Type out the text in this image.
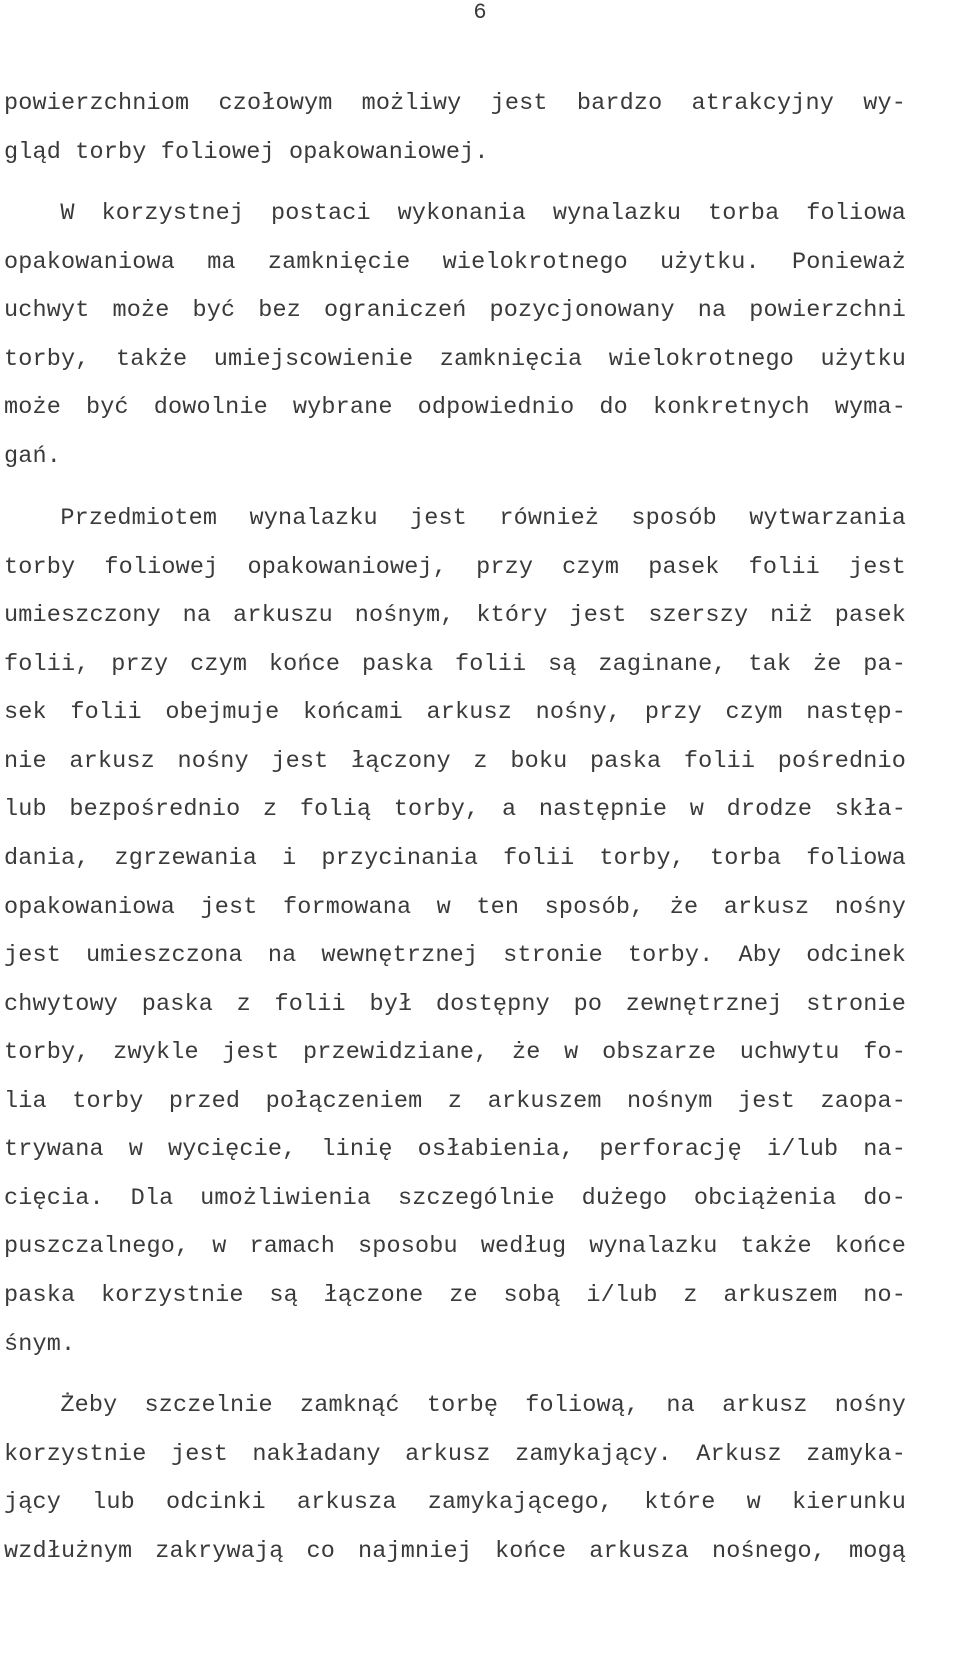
6
powierzchniom czołowym możliwy jest bardzo atrakcyjny wy-
gląd torby foliowej opakowaniowej.
W korzystnej postaci wykonania wynalazku torba foliowa
opakowaniowa ma zamknięcie wielokrotnego użytku. Ponieważ
uchwyt może być bez ograniczeń pozycjonowany na powierzchni
torby, także umiejscowienie zamknięcia wielokrotnego użytku
może być dowolnie wybrane odpowiednio do konkretnych wyma-
gań.
Przedmiotem wynalazku jest również sposób wytwarzania
torby foliowej opakowaniowej, przy czym pasek folii jest
umieszczony na arkuszu nośnym, który jest szerszy niż pasek
folii, przy czym końce paska folii są zaginane, tak że pa-
sek folii obejmuje końcami arkusz nośny, przy czym następ-
nie arkusz nośny jest łączony z boku paska folii pośrednio
lub bezpośrednio z folią torby, a następnie w drodze skła-
dania, zgrzewania i przycinania folii torby, torba foliowa
opakowaniowa jest formowana w ten sposób, że arkusz nośny
jest umieszczona na wewnętrznej stronie torby. Aby odcinek
chwytowy paska z folii był dostępny po zewnętrznej stronie
torby, zwykle jest przewidziane, że w obszarze uchwytu fo-
lia torby przed połączeniem z arkuszem nośnym jest zaopa-
trywana w wycięcie, linię osłabienia, perforację i/lub na-
cięcia. Dla umożliwienia szczególnie dużego obciążenia do-
puszczalnego, w ramach sposobu według wynalazku także końce
paska korzystnie są łączone ze sobą i/lub z arkuszem no-
śnym.
Żeby szczelnie zamknąć torbę foliową, na arkusz nośny
korzystnie jest nakładany arkusz zamykający. Arkusz zamyka-
jący lub odcinki arkusza zamykającego, które w kierunku
wzdłużnym zakrywają co najmniej końce arkusza nośnego, mogą
